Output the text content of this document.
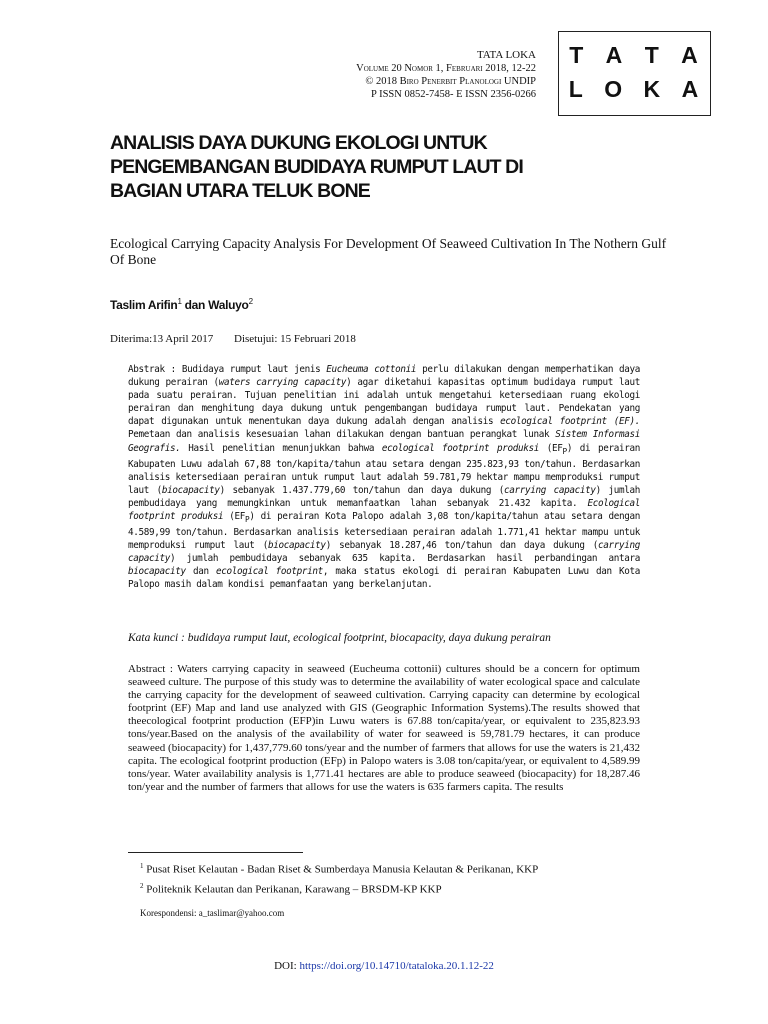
TATA LOKA
Volume 20 Nomor 1, Februari 2018, 12-22
© 2018 Biro Penerbit Planologi UNDIP
P ISSN 0852-7458- E ISSN 2356-0266
T A T A
L O K A
ANALISIS DAYA DUKUNG EKOLOGI UNTUK
PENGEMBANGAN BUDIDAYA RUMPUT LAUT DI
BAGIAN UTARA TELUK BONE
Ecological Carrying Capacity Analysis For Development Of Seaweed Cultivation In The Nothern Gulf Of Bone
Taslim Arifin$^1$ dan Waluyo$^2$
Diterima:13 April 2017 Disetujui: 15 Februari 2018

Abstrak : Budidaya rumput laut jenis Eucheuma cottonii perlu dilakukan dengan memperhatikan daya dukung perairan (waters carrying capacity) agar diketahui kapasitas optimum budidaya rumput laut pada suatu perairan. Tujuan penelitian ini adalah untuk mengetahui ketersediaan ruang ekologi perairan dan menghitung daya dukung untuk pengembangan budidaya rumput laut. Pendekatan yang dapat digunakan untuk menentukan daya dukung adalah dengan analisis ecological footprint (EF). Pemetaan dan analisis kesesuaian lahan dilakukan dengan bantuan perangkat lunak Sistem Informasi Geografis. Hasil penelitian menunjukkan bahwa ecological footprint produksi $(EF_P)$ di perairan Kabupaten Luwu adalah 67,88 ton/kapita/tahun atau setara dengan 235.823,93 ton/tahun. Berdasarkan analisis ketersediaan perairan untuk rumput laut adalah 59.781,79 hektar mampu memproduksi rumput laut (biocapacity) sebanyak 1.437.779,60 ton/tahun dan daya dukung (carrying capacity) jumlah pembudidaya yang memungkinkan untuk memanfaatkan lahan sebanyak 21.432 kapita. Ecological footprint produksi $(EF_P)$ di perairan Kota Palopo adalah 3,08 ton/kapita/tahun atau setara dengan 4.589,99 ton/tahun. Berdasarkan analisis ketersediaan perairan adalah 1.771,41 hektar mampu untuk memproduksi rumput laut (biocapacity) sebanyak 18.287,46 ton/tahun dan daya dukung (carrying capacity) jumlah pembudidaya sebanyak 635 kapita. Berdasarkan hasil perbandingan antara biocapacity dan ecological footprint, maka status ekologi di perairan Kabupaten Luwu dan Kota Palopo masih dalam kondisi pemanfaatan yang berkelanjutan.

Kata kunci : budidaya rumput laut, ecological footprint, biocapacity, daya dukung perairan

Abstract : Waters carrying capacity in seaweed (Eucheuma cottonii) cultures should be a concern for optimum seaweed culture. The purpose of this study was to determine the availability of water ecological space and calculate the carrying capacity for the development of seaweed cultivation. Carrying capacity can determine by ecological footprint (EF) Map and land use analyzed with GIS (Geographic Information Systems).The results showed that theecological footprint production (EFP)in Luwu waters is 67.88 ton/capita/year, or equivalent to 235,823.93 tons/year.Based on the analysis of the availability of water for seaweed is 59,781.79 hectares, it can produce seaweed (biocapacity) for 1,437,779.60 tons/year and the number of farmers that allows for use the waters is 21,432 capita. The ecological footprint production (EFp) in Palopo waters is 3.08 ton/capita/year, or equivalent to 4,589.99 tons/year. Water availability analysis is 1,771.41 hectares are able to produce seaweed (biocapacity) for 18,287.46 ton/year and the number of farmers that allows for use the waters is 635 farmers capita. The results

$^1$ Pusat Riset Kelautan - Badan Riset & Sumberdaya Manusia Kelautan & Perikanan, KKP
$^2$ Politeknik Kelautan dan Perikanan, Karawang – BRSDM-KP KKP
Korespondensi: a_taslimar@yahoo.com
DOI: https://doi.org/10.14710/tataloka.20.1.12-22
